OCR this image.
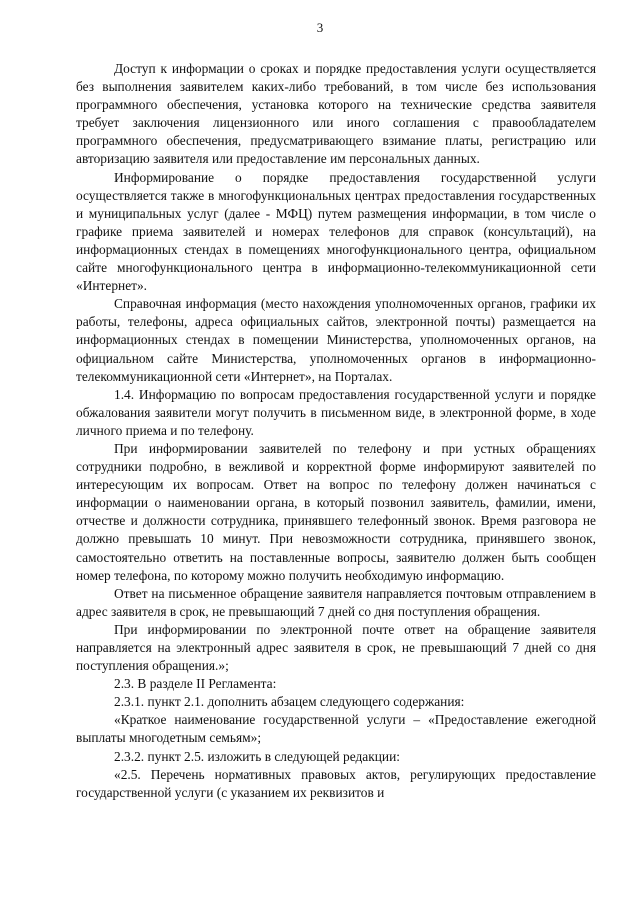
3

Доступ к информации о сроках и порядке предоставления услуги осуществляется без выполнения заявителем каких-либо требований, в том числе без использования программного обеспечения, установка которого на технические средства заявителя требует заключения лицензионного или иного соглашения с правообладателем программного обеспечения, предусматривающего взимание платы, регистрацию или авторизацию заявителя или предоставление им персональных данных.

Информирование о порядке предоставления государственной услуги осуществляется также в многофункциональных центрах предоставления государственных и муниципальных услуг (далее - МФЦ) путем размещения информации, в том числе о графике приема заявителей и номерах телефонов для справок (консультаций), на информационных стендах в помещениях многофункционального центра, официальном сайте многофункционального центра в информационно-телекоммуникационной сети «Интернет».

Справочная информация (место нахождения уполномоченных органов, графики их работы, телефоны, адреса официальных сайтов, электронной почты) размещается на информационных стендах в помещении Министерства, уполномоченных органов, на официальном сайте Министерства, уполномоченных органов в информационно-телекоммуникационной сети «Интернет», на Порталах.

1.4. Информацию по вопросам предоставления государственной услуги и порядке обжалования заявители могут получить в письменном виде, в электронной форме, в ходе личного приема и по телефону.

При информировании заявителей по телефону и при устных обращениях сотрудники подробно, в вежливой и корректной форме информируют заявителей по интересующим их вопросам. Ответ на вопрос по телефону должен начинаться с информации о наименовании органа, в который позвонил заявитель, фамилии, имени, отчестве и должности сотрудника, принявшего телефонный звонок. Время разговора не должно превышать 10 минут. При невозможности сотрудника, принявшего звонок, самостоятельно ответить на поставленные вопросы, заявителю должен быть сообщен номер телефона, по которому можно получить необходимую информацию.

Ответ на письменное обращение заявителя направляется почтовым отправлением в адрес заявителя в срок, не превышающий 7 дней со дня поступления обращения.

При информировании по электронной почте ответ на обращение заявителя направляется на электронный адрес заявителя в срок, не превышающий 7 дней со дня поступления обращения.»;

2.3. В разделе II Регламента:

2.3.1. пункт 2.1. дополнить абзацем следующего содержания:

«Краткое наименование государственной услуги – «Предоставление ежегодной выплаты многодетным семьям»;

2.3.2. пункт 2.5. изложить в следующей редакции:

«2.5. Перечень нормативных правовых актов, регулирующих предоставление государственной услуги (с указанием их реквизитов и
